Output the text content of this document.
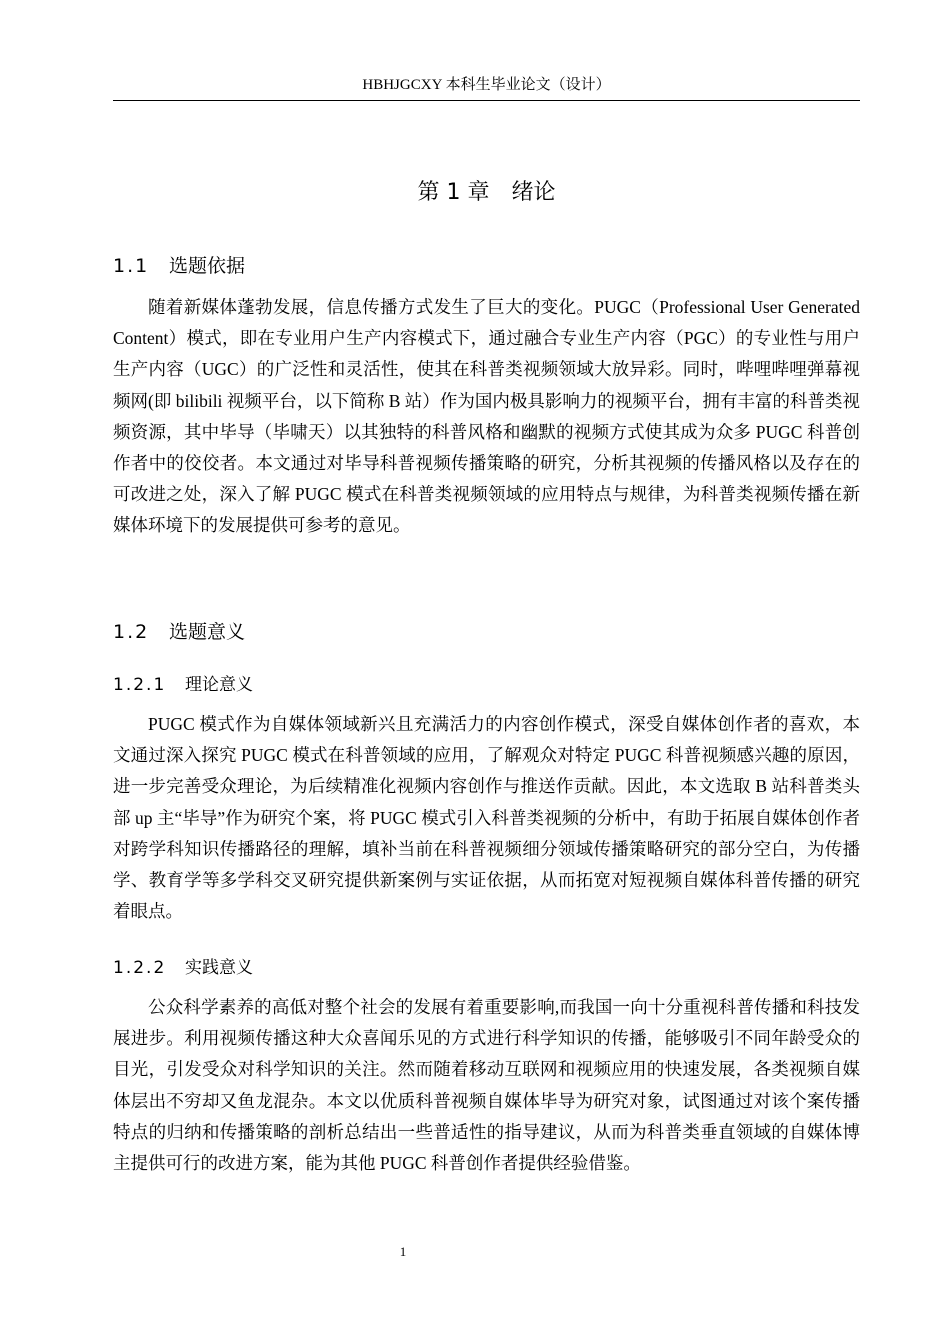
HBHJGCXY 本科生毕业论文（设计）
第 1 章 绪论
1.1 选题依据

随着新媒体蓬勃发展，信息传播方式发生了巨大的变化。PUGC（Professional User Generated Content）模式，即在专业用户生产内容模式下，通过融合专业生产内容（PGC）的专业性与用户生产内容（UGC）的广泛性和灵活性，使其在科普类视频领域大放异彩。同时，哔哩哔哩弹幕视频网(即 bilibili 视频平台，以下简称 B 站）作为国内极具影响力的视频平台，拥有丰富的科普类视频资源，其中毕导（毕啸天）以其独特的科普风格和幽默的视频方式使其成为众多 PUGC 科普创作者中的佼佼者。本文通过对毕导科普视频传播策略的研究，分析其视频的传播风格以及存在的可改进之处，深入了解 PUGC 模式在科普类视频领域的应用特点与规律，为科普类视频传播在新媒体环境下的发展提供可参考的意见。

1.2 选题意义
1.2.1 理论意义

PUGC 模式作为自媒体领域新兴且充满活力的内容创作模式，深受自媒体创作者的喜欢，本文通过深入探究 PUGC 模式在科普领域的应用，了解观众对特定 PUGC 科普视频感兴趣的原因，进一步完善受众理论，为后续精准化视频内容创作与推送作贡献。因此，本文选取 B 站科普类头部 up 主“毕导”作为研究个案，将 PUGC 模式引入科普类视频的分析中，有助于拓展自媒体创作者对跨学科知识传播路径的理解，填补当前在科普视频细分领域传播策略研究的部分空白，为传播学、教育学等多学科交叉研究提供新案例与实证依据，从而拓宽对短视频自媒体科普传播的研究着眼点。

1.2.2 实践意义

公众科学素养的高低对整个社会的发展有着重要影响,而我国一向十分重视科普传播和科技发展进步。利用视频传播这种大众喜闻乐见的方式进行科学知识的传播，能够吸引不同年龄受众的目光，引发受众对科学知识的关注。然而随着移动互联网和视频应用的快速发展，各类视频自媒体层出不穷却又鱼龙混杂。本文以优质科普视频自媒体毕导为研究对象，试图通过对该个案传播特点的归纳和传播策略的剖析总结出一些普适性的指导建议，从而为科普类垂直领域的自媒体博主提供可行的改进方案，能为其他 PUGC 科普创作者提供经验借鉴。

1
